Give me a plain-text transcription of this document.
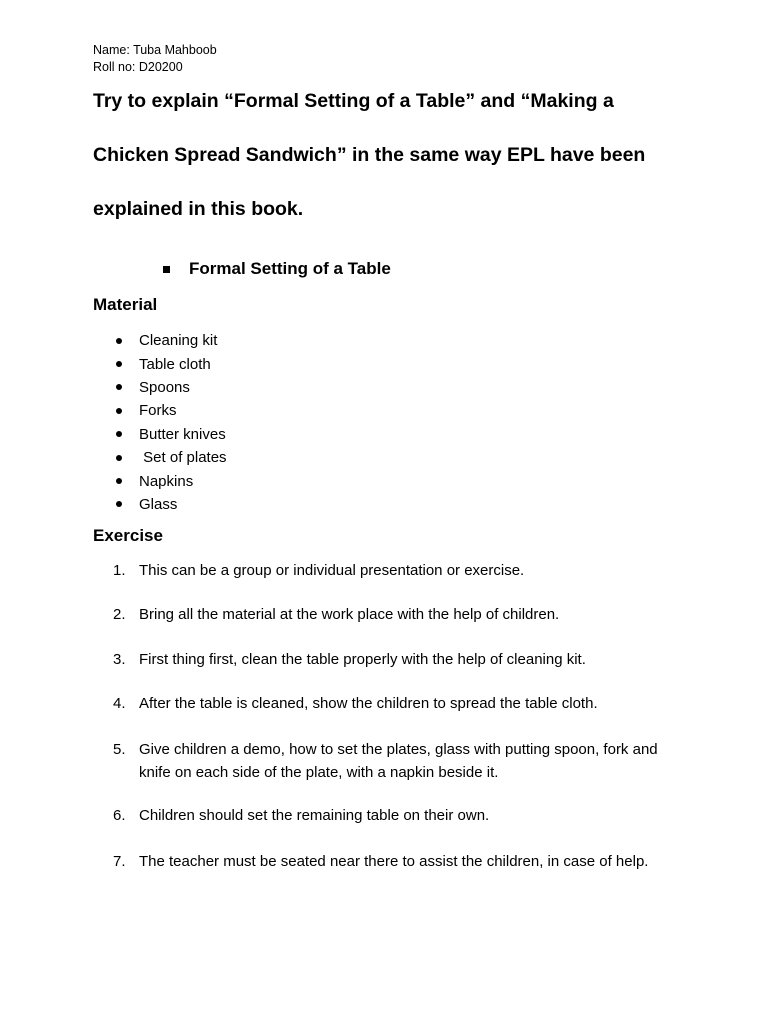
Name: Tuba Mahboob
Roll no: D20200
Try to explain “Formal Setting of a Table” and “Making a
Chicken Spread Sandwich” in the same way EPL have been
explained in this book.
Formal Setting of a Table
Material
Cleaning kit
Table cloth
Spoons
Forks
Butter knives
Set of plates
Napkins
Glass
Exercise
1. This can be a group or individual presentation or exercise.
2. Bring all the material at the work place with the help of children.
3. First thing first, clean the table properly with the help of cleaning kit.
4. After the table is cleaned, show the children to spread the table cloth.
5. Give children a demo, how to set the plates, glass with putting spoon, fork and knife on each side of the plate, with a napkin beside it.
6. Children should set the remaining table on their own.
7. The teacher must be seated near there to assist the children, in case of help.
